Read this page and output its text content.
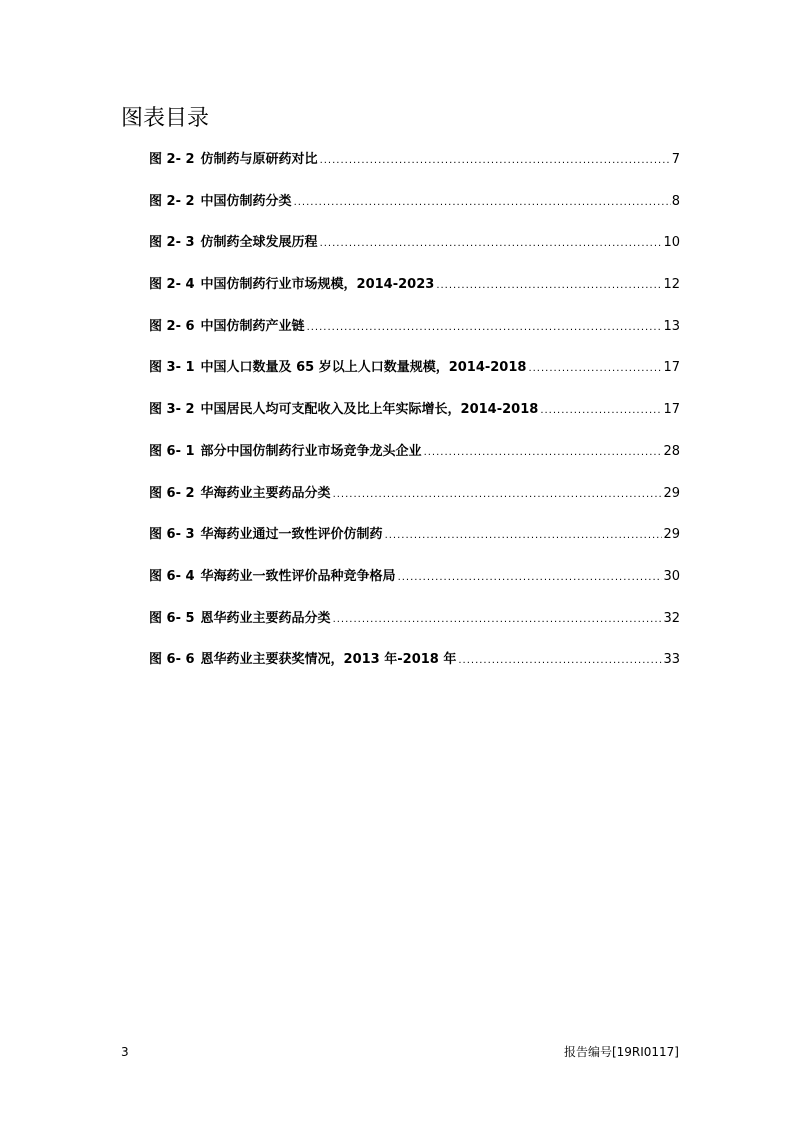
图表目录
图 2- 2 仿制药与原研药对比 .....	7
图 2- 2 中国仿制药分类 .....	8
图 2- 3 仿制药全球发展历程 .....	10
图 2- 4 中国仿制药行业市场规模，2014-2023 .....	12
图 2- 6 中国仿制药产业链 .....	13
图 3- 1 中国人口数量及 65 岁以上人口数量规模，2014-2018 .....	17
图 3- 2 中国居民人均可支配收入及比上年实际增长，2014-2018 .....	17
图 6- 1 部分中国仿制药行业市场竞争龙头企业 .....	28
图 6- 2 华海药业主要药品分类 .....	29
图 6- 3 华海药业通过一致性评价仿制药 .....	29
图 6- 4 华海药业一致性评价品种竞争格局 .....	30
图 6- 5 恩华药业主要药品分类 .....	32
图 6- 6 恩华药业主要获奖情况，2013 年-2018 年 .....	33
3	报告编号[19RI0117]
